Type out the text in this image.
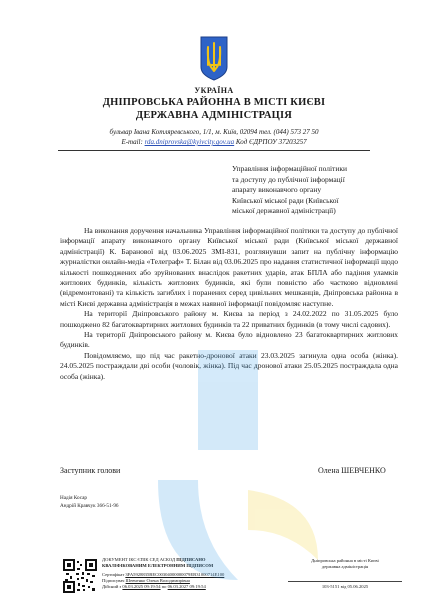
УКРАЇНА
ДНІПРОВСЬКА РАЙОННА В МІСТІ КИЄВІ
ДЕРЖАВНА АДМІНІСТРАЦІЯ
бульвар Івана Котляревського, 1/1, м. Київ, 02094 тел. (044) 573 27 50
E-mail: rda.dniprovska@kyivcity.gov.ua Код ЄДРПОУ 37203257
Управління інформаційної політики
та доступу до публічної інформації
апарату виконавчого органу
Київської міської ради (Київської
міської державної адміністрації)

На виконання доручення начальника Управління інформаційної політики та доступу до публічної інформації апарату виконавчого органу Київської міської ради (Київської міської державної адміністрації) К. Баранової від 03.06.2025 ЗМІ-831, розглянувши запит на публічну інформацію журналістки онлайн-медіа «Телеграф» Т. Білан від 03.06.2025 про надання статистичної інформації щодо кількості пошкоджених або зруйнованих внаслідок ракетних ударів, атак БПЛА або падіння уламків житлових будинків, кількість житлових будинків, які були повністю або частково відновлені (відремонтовані) та кількість загиблих і поранених серед цивільних мешканців, Дніпровська районна в місті Києві державна адміністрація в межах наявної інформації повідомляє наступне.

На території Дніпровського району м. Києва за період з 24.02.2022 по 31.05.2025 було пошкоджено 82 багатоквартирних житлових будинків та 22 приватних будинків (в тому числі садових).

На території Дніпровського району м. Києва було відновлено 23 багатоквартирних житлових будинків.

Повідомляємо, що під час ракетно-дронової атаки 23.03.2025 загинула одна особа (жінка). 24.05.2025 постраждали дві особи (чоловік, жінка). Під час дронової атаки 25.05.2025 постраждала одна особа (жінка).

Заступник голови	Олена ШЕВЧЕНКО
Надія Косар
Андрій Кравчук 366-51-96
ДОКУМЕНТ ІКС ЄПІК СЕД АСКОД ПІДПИСАНО
КВАЛІФІКОВАНИМ ЕЛЕКТРОННИМ ПІДПИСОМ
Сертифікат 3FA5928835BEC00304000000079EB31000714E100
Підписувач Шевченко Олена Володимирівна
Дійсний з 06.03.2025 09:19:54 по 06.03.2027 09:19:54
Дніпровська районна в місті Києві
державна адміністрація
103-5151 від 05.06.2025
